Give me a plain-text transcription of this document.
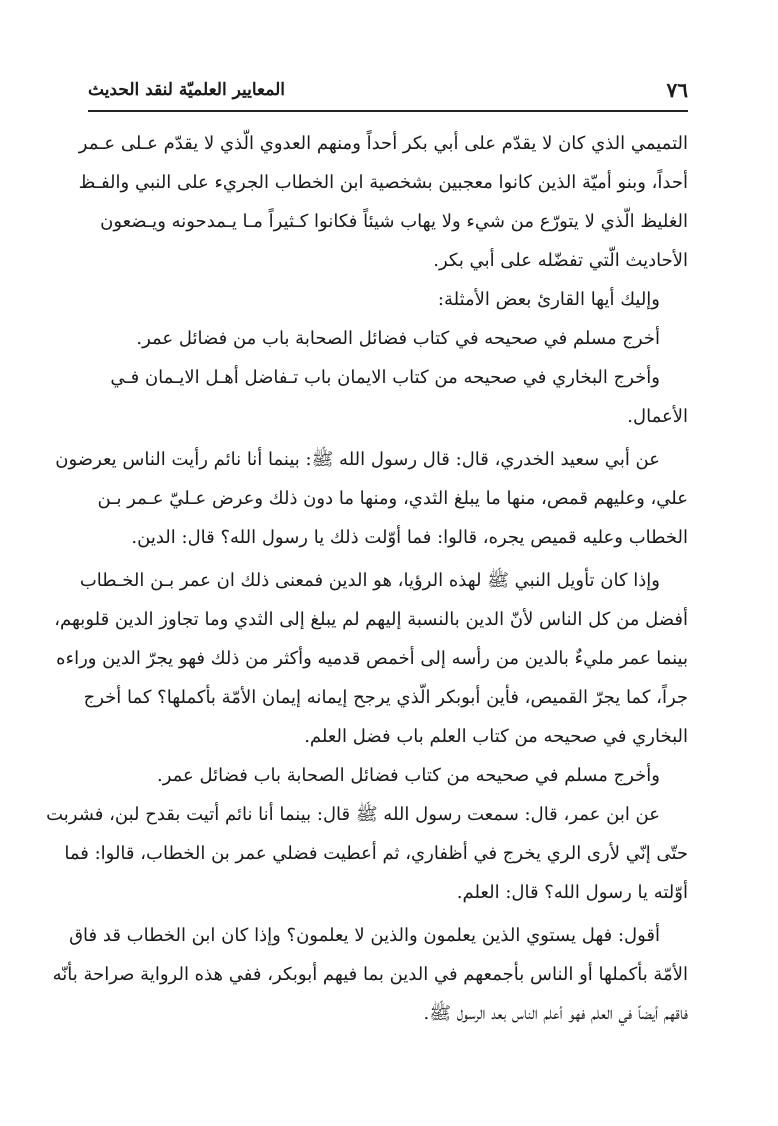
٧٦
المعايير العلميّة لنقد الحديث
التميمي الذي كان لا يقدّم على أبي بكر أحداً ومنهم العدوي الّذي لا يقدّم عـلى عـمر
أحداً، وبنو أميّة الذين كانوا معجبين بشخصية ابن الخطاب الجريء على النبي والفـظ
الغليظ الّذي لا يتورّع من شيء ولا يهاب شيئاً فكانوا كـثيراً مـا يـمدحونه ويـضعون
الأحاديث الّتي تفضّله على أبي بكر.
وإليك أيها القارئ بعض الأمثلة:
أخرج مسلم في صحيحه في كتاب فضائل الصحابة باب من فضائل عمر.
وأخرج البخاري في صحيحه من كتاب الايمان باب تـفاضل أهـل الايـمان فـي
الأعمال.
عن أبي سعيد الخدري، قال: قال رسول الله ﷺ: بينما أنا نائم رأيت الناس يعرضون
علي، وعليهم قمص، منها ما يبلغ الثدي، ومنها ما دون ذلك وعرض عـليّ عـمر بـن
الخطاب وعليه قميص يجره، قالوا: فما أوّلت ذلك يا رسول الله؟ قال: الدين.
وإذا كان تأويل النبي ﷺ لهذه الرؤيا، هو الدين فمعنى ذلك ان عمر بـن الخـطاب
أفضل من كل الناس لأنّ الدين بالنسبة إليهم لم يبلغ إلى الثدي وما تجاوز الدين قلوبهم،
بينما عمر مليءٌ بالدين من رأسه إلى أخمص قدميه وأكثر من ذلك فهو يجرّ الدين وراءه
جراً، كما يجرّ القميص، فأين أبوبكر الّذي يرجح إيمانه إيمان الأمّة بأكملها؟ كما أخرج
البخاري في صحيحه من كتاب العلم باب فضل العلم.
وأخرج مسلم في صحيحه من كتاب فضائل الصحابة باب فضائل عمر.
عن ابن عمر، قال: سمعت رسول الله ﷺ قال: بينما أنا نائم أتيت بقدح لبن، فشربت
حتّى إنّي لأرى الري يخرج في أظفاري، ثم أعطيت فضلي عمر بن الخطاب، قالوا: فما
أوّلته يا رسول الله؟ قال: العلم.
أقول: فهل يستوي الذين يعلمون والذين لا يعلمون؟ وإذا كان ابن الخطاب قد فاق
الأمّة بأكملها أو الناس بأجمعهم في الدين بما فيهم أبوبكر، ففي هذه الرواية صراحة بأنّه
فاقهم أيضاً في العلم فهو أعلم الناس بعد الرسول ﷺ.
